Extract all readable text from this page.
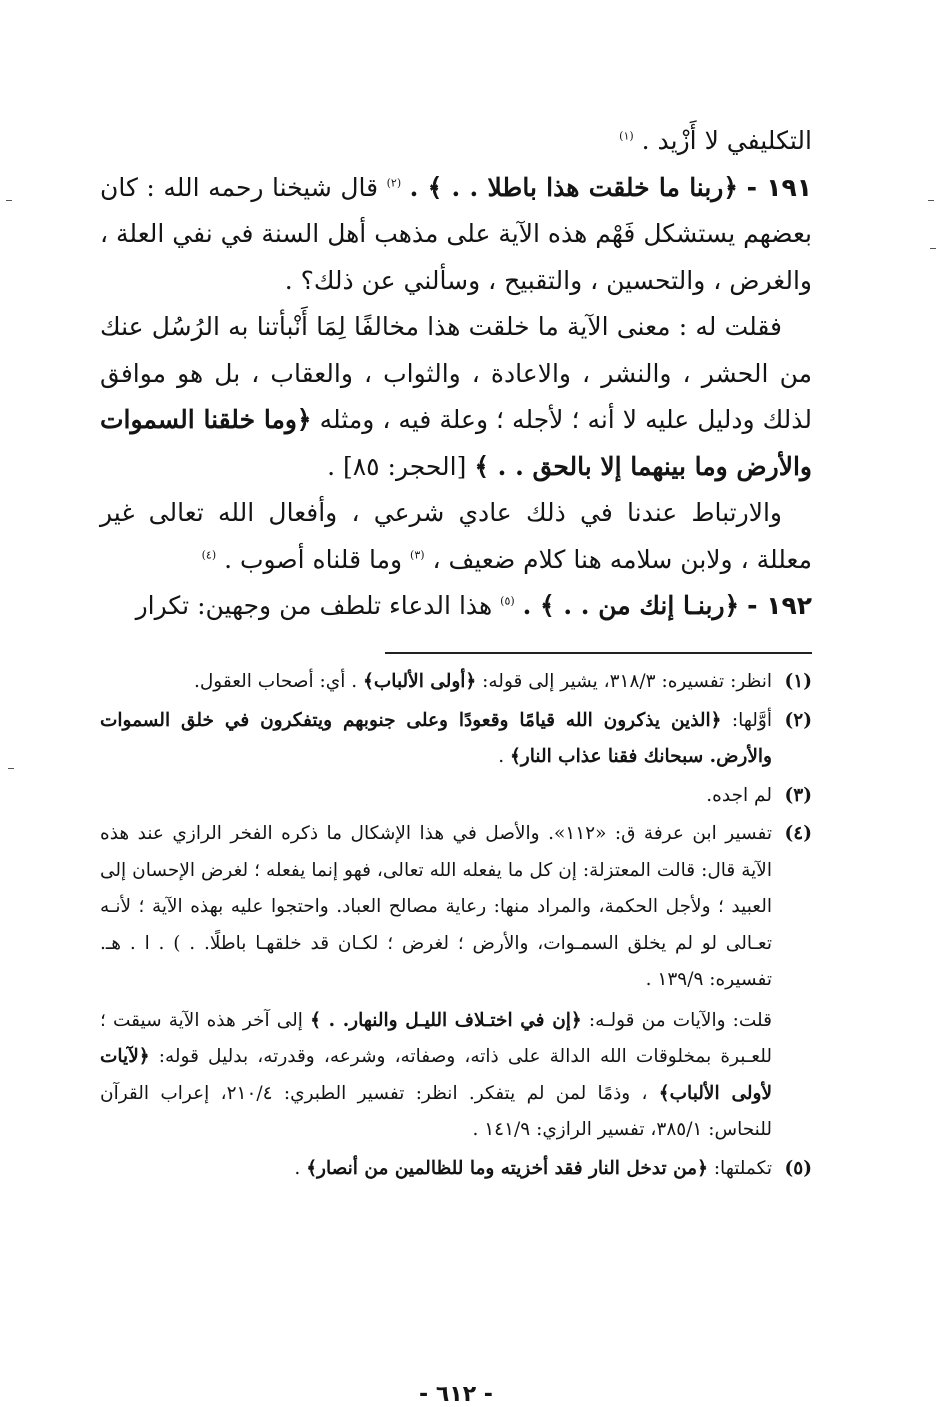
التكليفي لا أَزْيد . $^{(١)}$

١٩١ - ﴿ربنا ما خلقت هذا باطلا . . ﴾ . $^{(٢)}$ قال شيخنا رحمه الله : كان بعضهم يستشكل فَهْم هذه الآية على مذهب أهل السنة في نفي العلة ، والغرض ، والتحسين ، والتقبيح ، وسألني عن ذلك؟ .

فقلت له : معنى الآية ما خلقت هذا مخالفًا لِمَا أَنْبأتنا به الرُسُل عنك من الحشر ، والنشر ، والاعادة ، والثواب ، والعقاب ، بل هو موافق لذلك ودليل عليه لا أنه ؛ لأجله ؛ وعلة فيه ، ومثله ﴿وما خلقنا السموات والأرض وما بينهما إلا بالحق . . ﴾ [الحجر: ٨٥] .

والارتباط عندنا في ذلك عادي شرعي ، وأفعال الله تعالى غير معللة ، ولابن سلامه هنا كلام ضعيف ، $^{(٣)}$ وما قلناه أصوب . $^{(٤)}$

١٩٢ - ﴿ربنـا إنك من . . ﴾ . $^{(٥)}$ هذا الدعاء تلطف من وجهين: تكرار

(١)
انظر: تفسيره: ٣١٨/٣، يشير إلى قوله: ﴿أولى الألباب﴾ . أي: أصحاب العقول.
(٢)
أوَّلها: ﴿الذين يذكرون الله قيامًا وقعودًا وعلى جنوبهم ويتفكرون في خلق السموات والأرض. سبحانك فقنا عذاب النار﴾ .
(٣)
لم اجده.
(٤)

تفسير ابن عرفة ق: «١١٢». والأصل في هذا الإشكال ما ذكره الفخر الرازي عند هذه الآية قال: قالت المعتزلة: إن كل ما يفعله الله تعالى، فهو إنما يفعله ؛ لغرض الإحسان إلى العبيد ؛ ولأجل الحكمة، والمراد منها: رعاية مصالح العباد. واحتجوا عليه بهذه الآية ؛ لأنـه تعـالى لو لم يخلق السمـوات، والأرض ؛ لغرض ؛ لكـان قد خلقهـا باطلًا. . ) . ا . هـ. تفسيره: ١٣٩/٩ .

قلت: والآيات من قولـه: ﴿إن في اختـلاف الليـل والنهار. . ﴾ إلى آخر هذه الآية سيقت ؛ للعـبرة بمخلوقات الله الدالة على ذاته، وصفاته، وشرعه، وقدرته، بدليل قوله: ﴿لآيات لأولى الألباب﴾ ، وذمًا لمن لم يتفكر. انظر: تفسير الطبري: ٢١٠/٤، إعراب القرآن للنحاس: ٣٨٥/١، تفسير الرازي: ١٤١/٩ .

(٥)
تكملتها: ﴿من تدخل النار فقد أخزيته وما للظالمين من أنصار﴾ .
- ٦١٢ -
